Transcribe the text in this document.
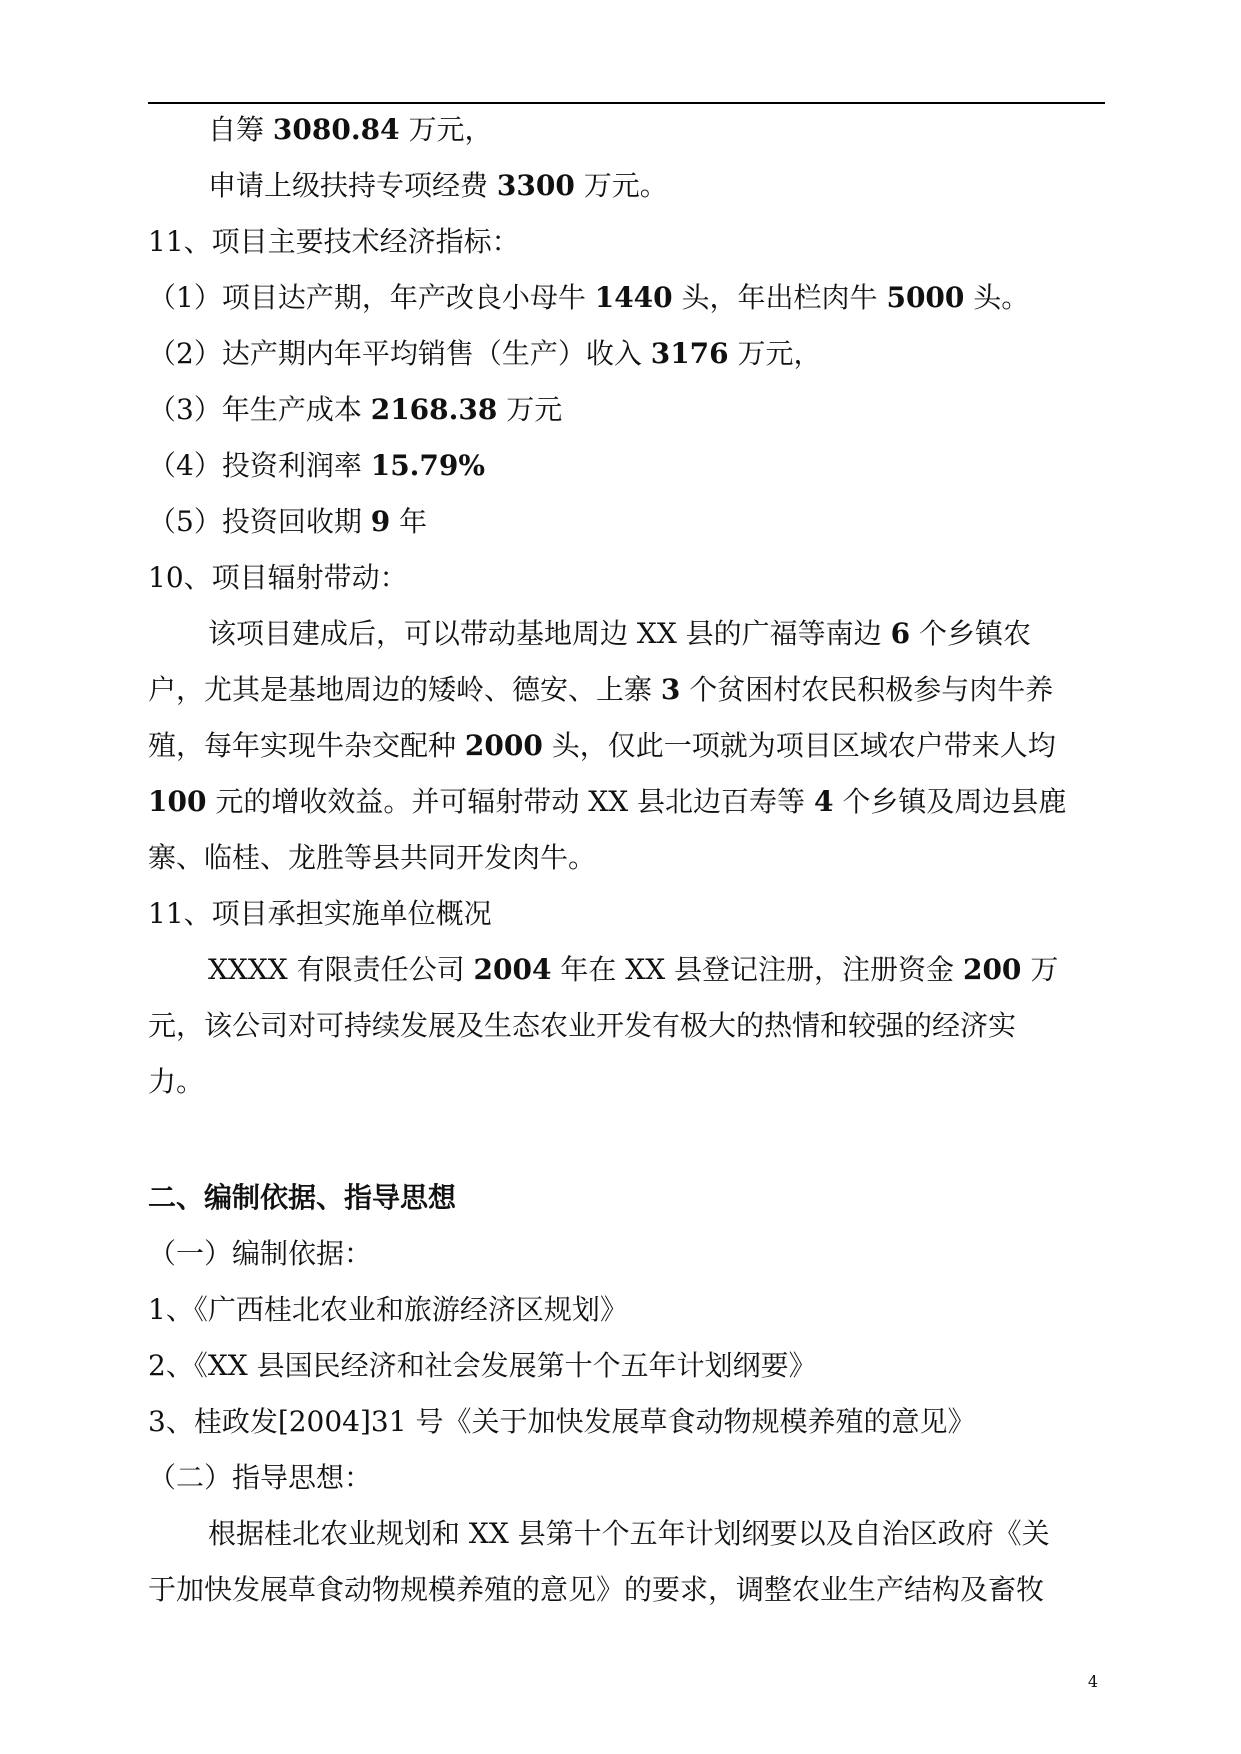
自筹 3080.84 万元，
申请上级扶持专项经费 3300 万元。
11、项目主要技术经济指标：
（1）项目达产期，年产改良小母牛 1440 头，年出栏肉牛 5000 头。
（2）达产期内年平均销售（生产）收入 3176 万元，
（3）年生产成本 2168.38 万元
（4）投资利润率 15.79%
（5）投资回收期 9 年
10、项目辐射带动：
该项目建成后，可以带动基地周边 XX 县的广福等南边 6 个乡镇农
户，尤其是基地周边的矮岭、德安、上寨 3 个贫困村农民积极参与肉牛养
殖，每年实现牛杂交配种 2000 头，仅此一项就为项目区域农户带来人均
100 元的增收效益。并可辐射带动 XX 县北边百寿等 4 个乡镇及周边县鹿
寨、临桂、龙胜等县共同开发肉牛。
11、项目承担实施单位概况
XXXX 有限责任公司 2004 年在 XX 县登记注册，注册资金 200 万
元，该公司对可持续发展及生态农业开发有极大的热情和较强的经济实
力。
二、编制依据、指导思想
（一）编制依据：
1、《广西桂北农业和旅游经济区规划》
2、《XX 县国民经济和社会发展第十个五年计划纲要》
3、桂政发[2004]31 号《关于加快发展草食动物规模养殖的意见》
（二）指导思想：
根据桂北农业规划和 XX 县第十个五年计划纲要以及自治区政府《关
于加快发展草食动物规模养殖的意见》的要求，调整农业生产结构及畜牧
4
